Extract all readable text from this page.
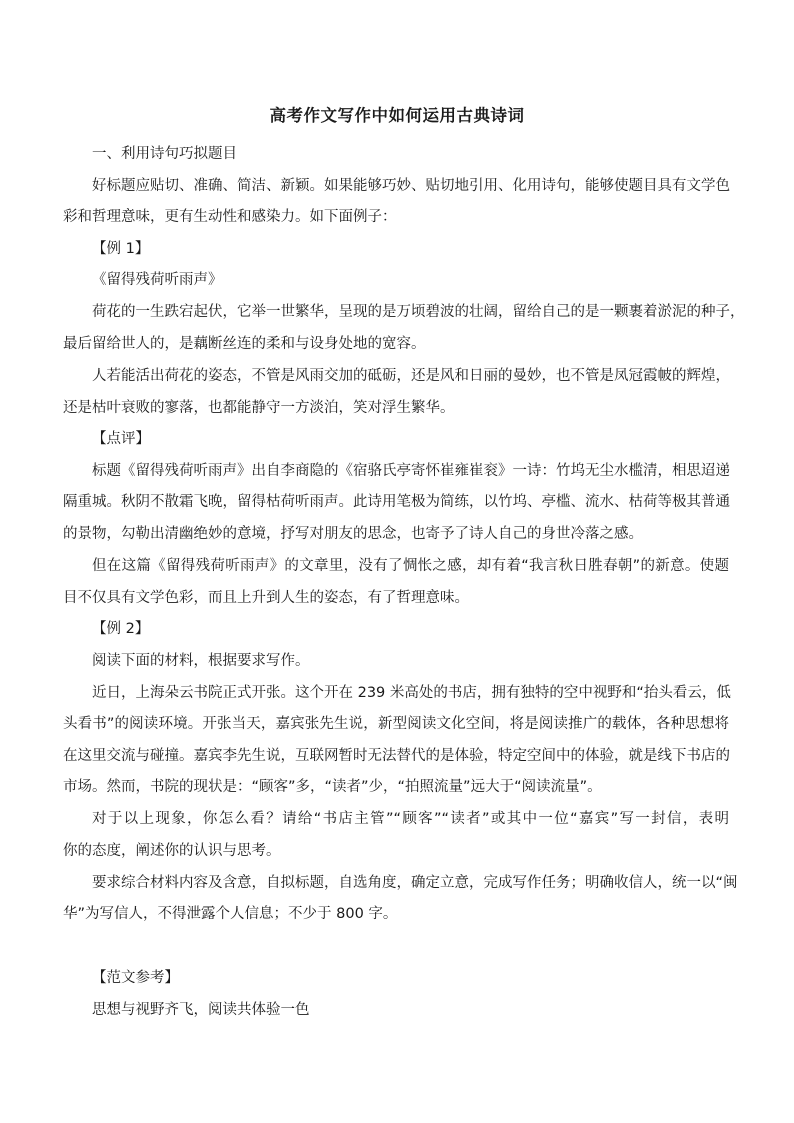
高考作文写作中如何运用古典诗词
一、利用诗句巧拟题目
好标题应贴切、准确、简洁、新颖。如果能够巧妙、贴切地引用、化用诗句，能够使题目具有文学色
彩和哲理意味，更有生动性和感染力。如下面例子：
【例 1】
《留得残荷听雨声》
荷花的一生跌宕起伏，它举一世繁华，呈现的是万顷碧波的壮阔，留给自己的是一颗裹着淤泥的种子，
最后留给世人的，是藕断丝连的柔和与设身处地的宽容。
人若能活出荷花的姿态，不管是风雨交加的砥砺，还是风和日丽的曼妙，也不管是凤冠霞帔的辉煌，
还是枯叶衰败的寥落，也都能静守一方淡泊，笑对浮生繁华。
【点评】
标题《留得残荷听雨声》出自李商隐的《宿骆氏亭寄怀崔雍崔衮》一诗：竹坞无尘水槛清，相思迢递
隔重城。秋阴不散霜飞晚，留得枯荷听雨声。此诗用笔极为简练，以竹坞、亭槛、流水、枯荷等极其普通
的景物，勾勒出清幽绝妙的意境，抒写对朋友的思念，也寄予了诗人自己的身世冷落之感。
但在这篇《留得残荷听雨声》的文章里，没有了惆怅之感，却有着“我言秋日胜春朝”的新意。使题
目不仅具有文学色彩，而且上升到人生的姿态，有了哲理意味。
【例 2】
阅读下面的材料，根据要求写作。
近日，上海朵云书院正式开张。这个开在 239 米高处的书店，拥有独特的空中视野和“抬头看云，低
头看书”的阅读环境。开张当天，嘉宾张先生说，新型阅读文化空间，将是阅读推广的载体，各种思想将
在这里交流与碰撞。嘉宾李先生说，互联网暂时无法替代的是体验，特定空间中的体验，就是线下书店的
市场。然而，书院的现状是：“顾客”多，“读者”少，“拍照流量”远大于“阅读流量”。
对于以上现象，你怎么看？请给“书店主管”“顾客”“读者”或其中一位“嘉宾”写一封信，表明
你的态度，阐述你的认识与思考。
要求综合材料内容及含意，自拟标题，自选角度，确定立意，完成写作任务；明确收信人，统一以“闽
华”为写信人，不得泄露个人信息；不少于 800 字。
【范文参考】
思想与视野齐飞，阅读共体验一色
